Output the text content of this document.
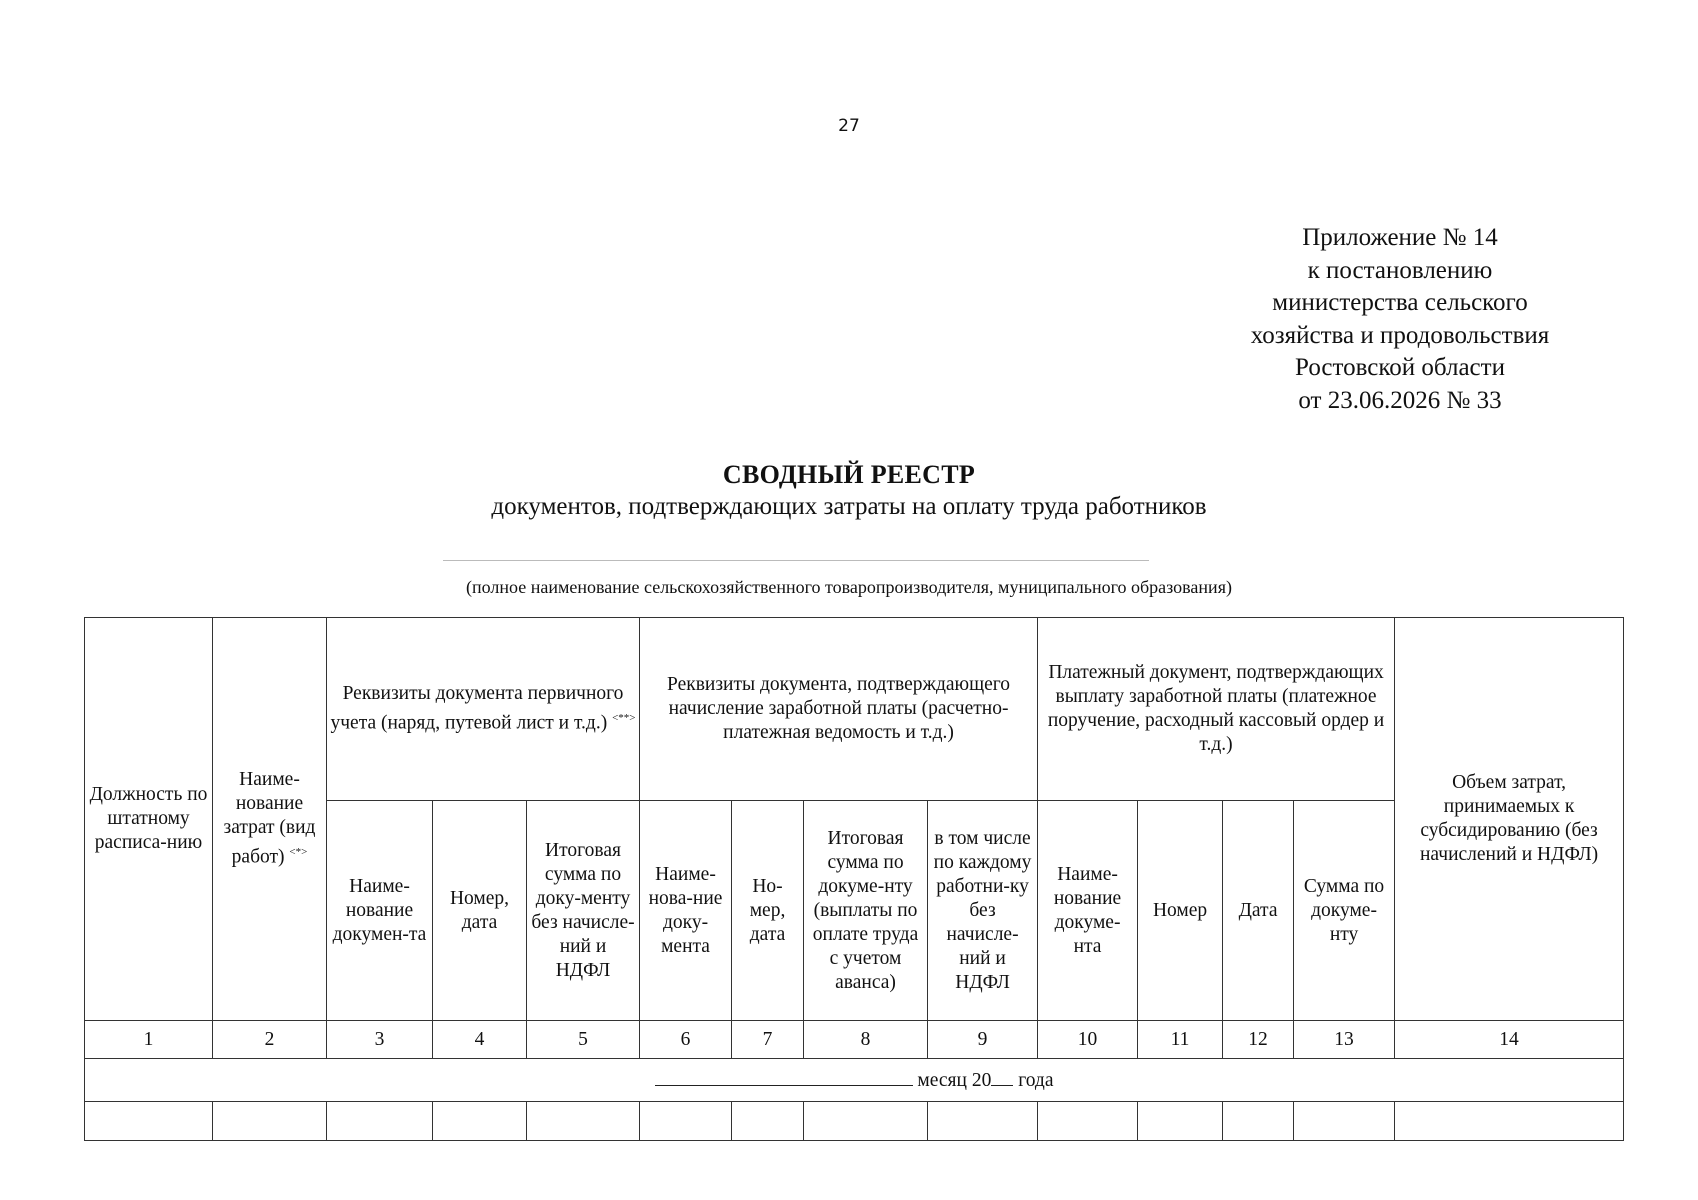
27
Приложение № 14
к постановлению
министерства сельского
хозяйства и продовольствия
Ростовской области
от 23.06.2026 № 33
СВОДНЫЙ РЕЕСТР
документов, подтверждающих затраты на оплату труда работников
(полное наименование сельскохозяйственного товаропроизводителя, муниципального образования)
Должность по штатному расписа-нию	Наиме-нование затрат (вид работ) <*>	Реквизиты документа первичного учета (наряд, путевой лист и т.д.) <**>			Реквизиты документа, подтверждающего начисление заработной платы (расчетно-платежная ведомость и т.д.)				Платежный документ, подтверждающих выплату заработной платы (платежное поручение, расходный кассовый ордер и т.д.)				Объем затрат, принимаемых к субсидированию (без начислений и НДФЛ)
		Наиме-нование докумен-та	Номер, дата	Итоговая сумма по доку-менту без начисле-ний и НДФЛ	Наиме-нова-ние доку-мента	Но-мер, дата	Итоговая сумма по докуме-нту (выплаты по оплате труда с учетом аванса)	в том числе по каждому работни-ку без начисле-ний и НДФЛ	Наиме-нование докуме-нта	Номер	Дата	Сумма по докуме-нту	
1	2	3	4	5	6	7	8	9	10	11	12	13	14
месяц 20 года													
